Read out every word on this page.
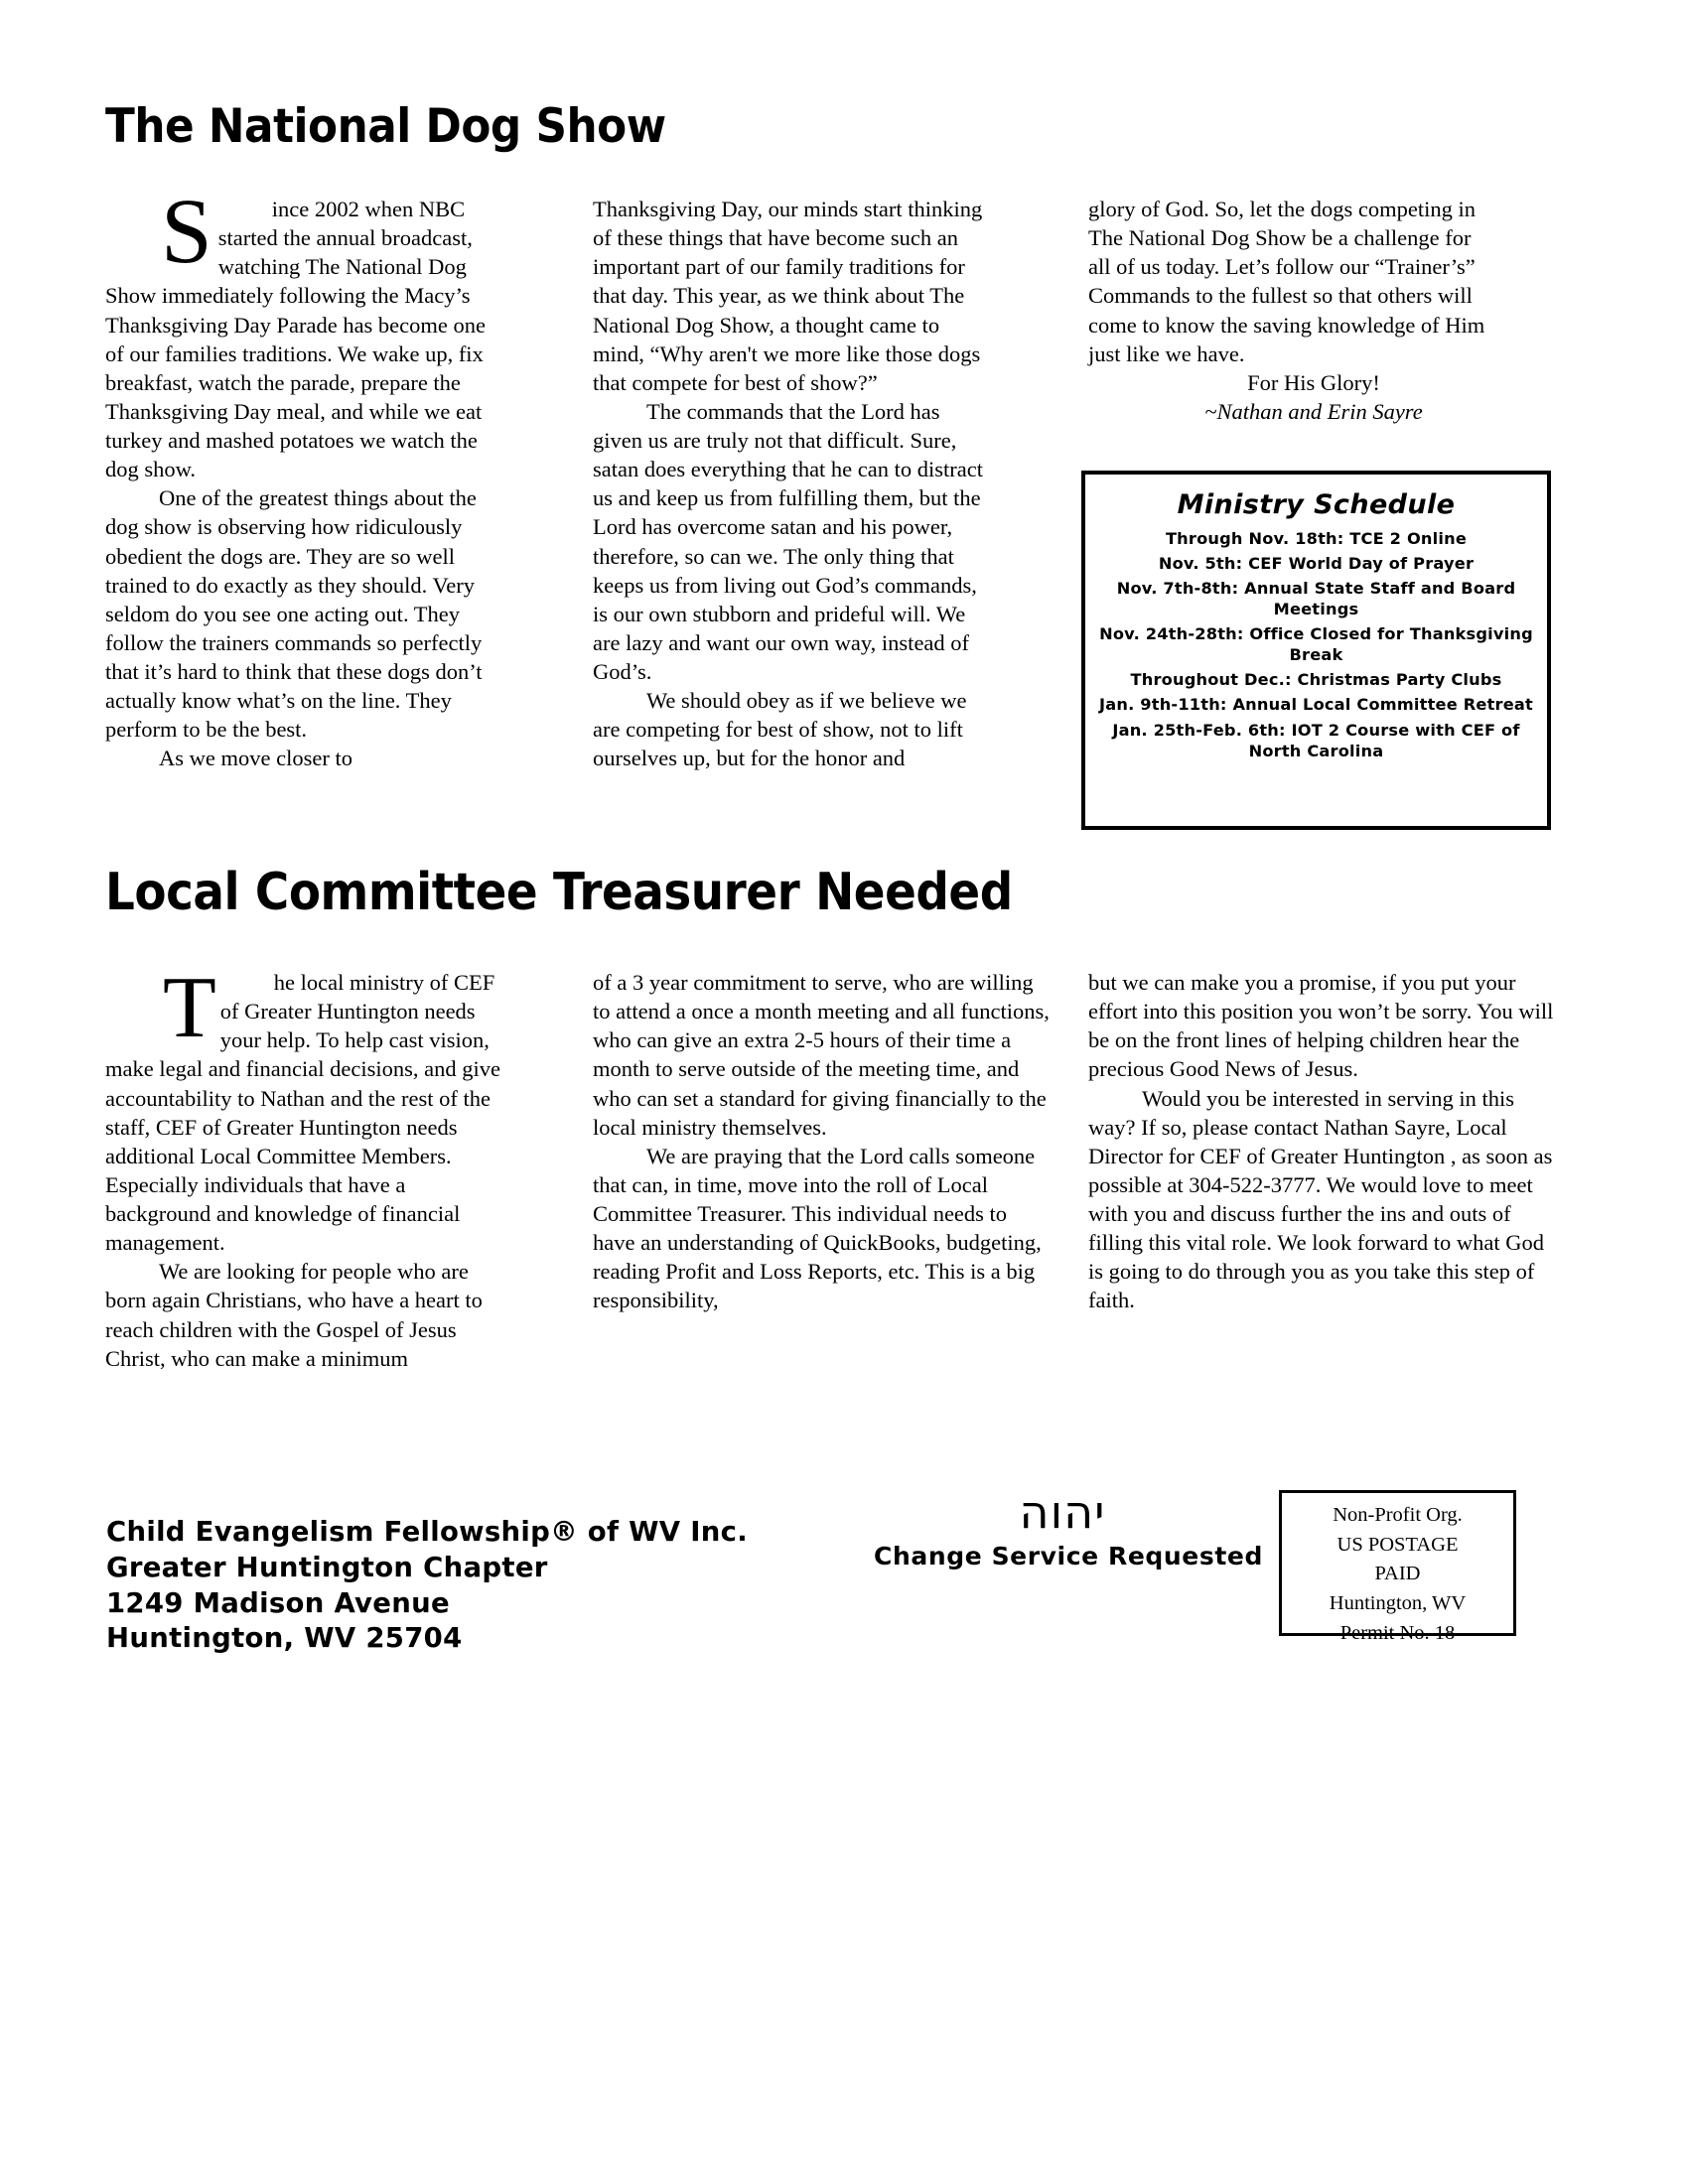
The National Dog Show

S	ince 2002 when NBC started the annual broadcast, watching The National Dog Show immediately following the Macy’s Thanksgiving Day Parade has become one of our families traditions. We wake up, fix breakfast, watch the parade, prepare the Thanksgiving Day meal, and while we eat turkey and mashed potatoes we watch the dog show.

One of the greatest things about the dog show is observing how ridiculously obedient the dogs are. They are so well trained to do exactly as they should. Very seldom do you see one acting out. They follow the trainers commands so perfectly that it’s hard to think that these dogs don’t actually know what’s on the line. They perform to be the best.

As we move closer to

Thanksgiving Day, our minds start thinking of these things that have become such an important part of our family traditions for that day. This year, as we think about The National Dog Show, a thought came to mind, “Why aren't we more like those dogs that compete for best of show?”

The commands that the Lord has given us are truly not that difficult. Sure, satan does everything that he can to distract us and keep us from fulfilling them, but the Lord has overcome satan and his power, therefore, so can we. The only thing that keeps us from living out God’s commands, is our own stubborn and prideful will. We are lazy and want our own way, instead of God’s.

We should obey as if we believe we are competing for best of show, not to lift ourselves up, but for the honor and

glory of God. So, let the dogs competing in The National Dog Show be a challenge for all of us today. Let’s follow our “Trainer’s” Commands to the fullest so that others will come to know the saving knowledge of Him just like we have.

For His Glory!

~Nathan and Erin Sayre

Ministry Schedule
Through Nov. 18th: TCE 2 Online
Nov. 5th: CEF World Day of Prayer
Nov. 7th-8th: Annual State Staff and Board Meetings
Nov. 24th-28th: Office Closed for Thanksgiving Break
Throughout Dec.: Christmas Party Clubs
Jan. 9th-11th: Annual Local Committee Retreat
Jan. 25th-Feb. 6th: IOT 2 Course with CEF of North Carolina
Local Committee Treasurer Needed

T	he local ministry of CEF of Greater Huntington needs your help. To help cast vision, make legal and financial decisions, and give accountability to Nathan and the rest of the staff, CEF of Greater Huntington needs additional Local Committee Members. Especially individuals that have a background and knowledge of financial management.

We are looking for people who are born again Christians, who have a heart to reach children with the Gospel of Jesus Christ, who can make a minimum

of a 3 year commitment to serve, who are willing to attend a once a month meeting and all functions, who can give an extra 2-5 hours of their time a month to serve outside of the meeting time, and who can set a standard for giving financially to the local ministry themselves.

We are praying that the Lord calls someone that can, in time, move into the roll of Local Committee Treasurer. This individual needs to have an understanding of QuickBooks, budgeting, reading Profit and Loss Reports, etc. This is a big responsibility,

but we can make you a promise, if you put your effort into this position you won’t be sorry. You will be on the front lines of helping children hear the precious Good News of Jesus.

Would you be interested in serving in this way? If so, please contact Nathan Sayre, Local Director for CEF of Greater Huntington , as soon as possible at 304-522-3777. We would love to meet with you and discuss further the ins and outs of filling this vital role. We look forward to what God is going to do through you as you take this step of faith.

Child Evangelism Fellowship® of WV Inc.
Greater Huntington Chapter
1249 Madison Avenue
Huntington, WV 25704
יהוה
Change Service Requested
Non-Profit Org.
US POSTAGE
PAID
Huntington, WV
Permit No. 18
